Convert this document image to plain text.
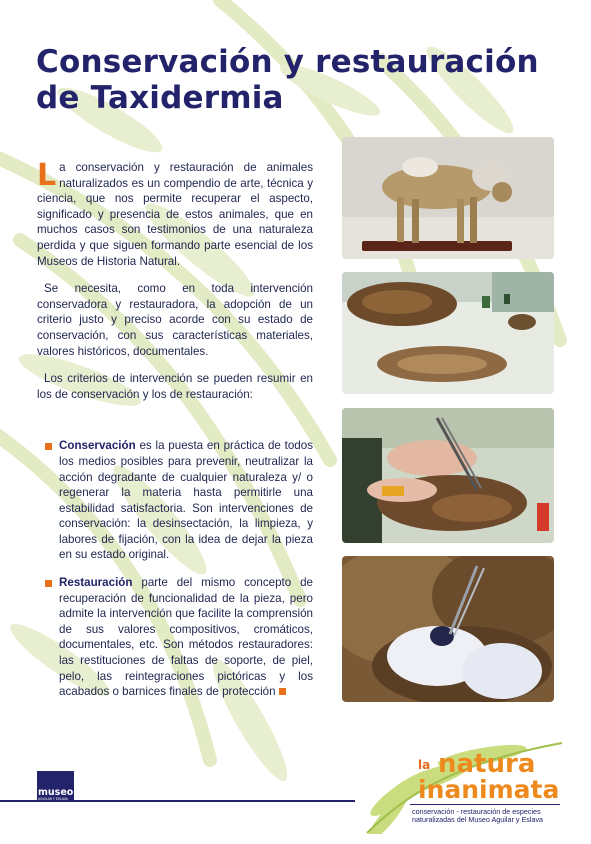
Conservación y restauración
de Taxidermia

La conservación y restauración de animales naturalizados es un compendio de arte, técnica y ciencia, que nos permite recuperar el aspecto, significado y presencia de estos animales, que en muchos casos son testimonios de una naturaleza perdida y que siguen formando parte esencial de los Museos de Historia Natural.

Se necesita, como en toda intervención conservadora y restauradora, la adopción de un criterio justo y preciso acorde con su estado de conservación, con sus características materiales, valores históricos, documentales.

Los criterios de intervención se pueden resumir en los de conservación y los de restauración:

Conservación es la puesta en práctica de todos los medios posibles para prevenir, neutralizar la acción degradante de cualquier naturaleza y/ o regenerar la materia hasta permitirle una estabilidad satisfactoria. Son intervenciones de conservación: la desinsectación, la limpieza, y labores de fijación, con la idea de dejar la pieza en su estado original.

Restauración parte del mismo concepto de recuperación de funcionalidad de la pieza, pero admite la intervención que facilite la comprensión de sus valores compositivos, cromáticos, documentales, etc. Son métodos restauradores: las restituciones de faltas de soporte, de piel, pelo, las reintegraciones pictóricas y los acabados o barnices finales de protección

museo
AGUILAR Y ESLAVA
la natura
inanimata
conservación - restauración de especies
naturalizadas del Museo Aguilar y Eslava
